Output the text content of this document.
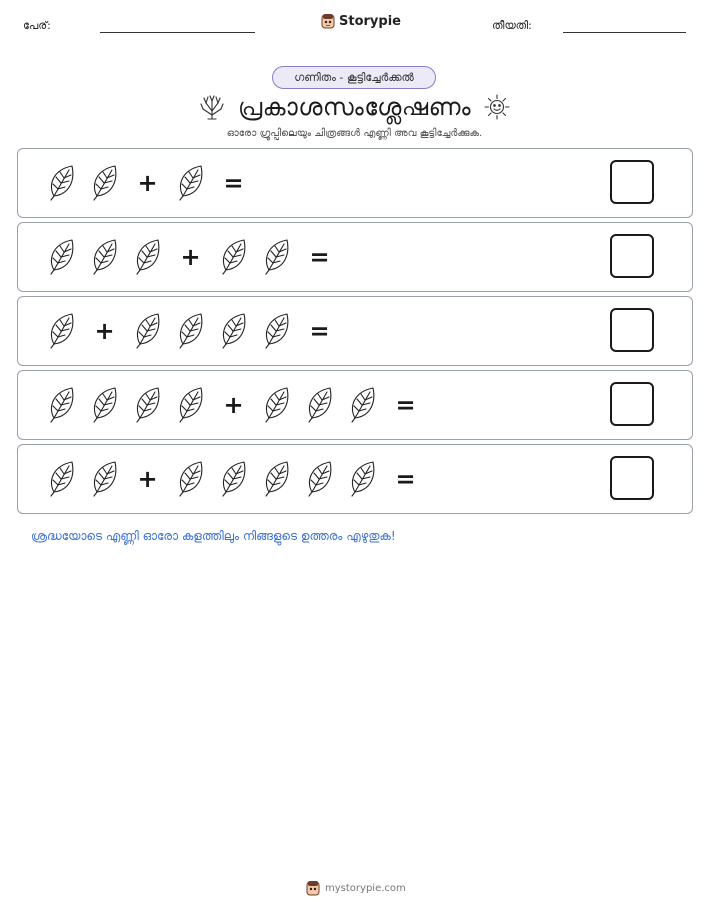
പേര്:	Storypie	തീയതി:
ഗണിതം - കൂട്ടിച്ചേർക്കൽ
പ്രകാശസംശ്ലേഷണം
ഓരോ ഗ്രൂപ്പിലെയും ചിത്രങ്ങൾ എണ്ണി അവ കൂട്ടിച്ചേർക്കുക.
+	=
+	=
+	=
+	=
+	=
ശ്രദ്ധയോടെ എണ്ണി ഓരോ കളത്തിലും നിങ്ങളുടെ ഉത്തരം എഴുതുക!
mystorypie.com
